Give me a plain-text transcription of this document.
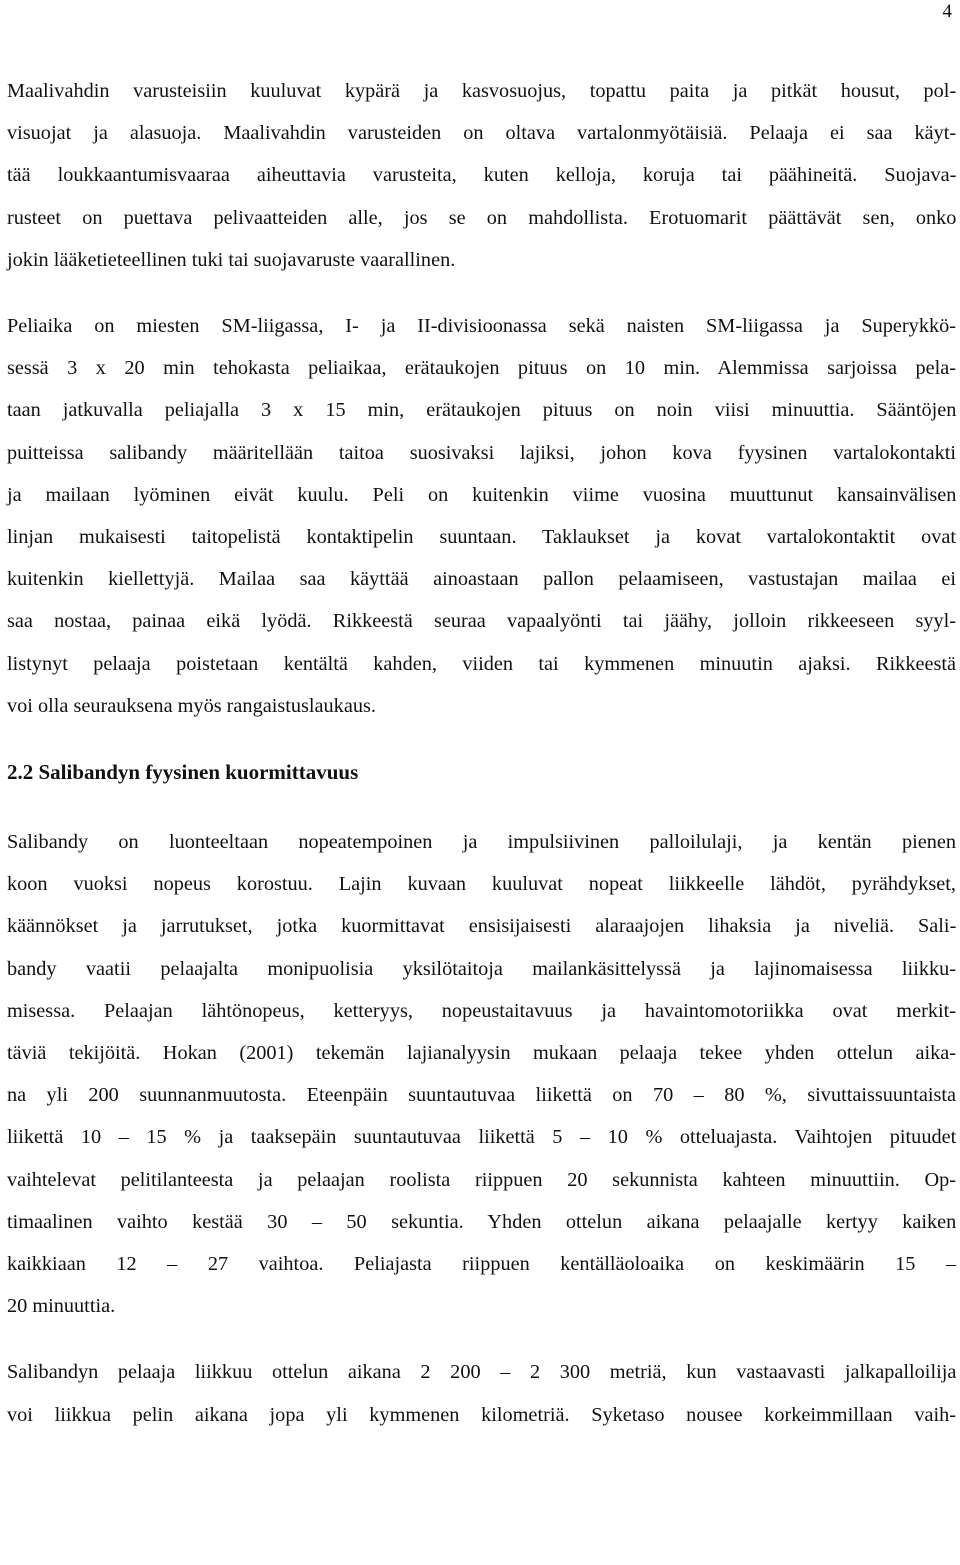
4
Maalivahdin varusteisiin kuuluvat kypärä ja kasvosuojus, topattu paita ja pitkät housut, pol-
visuojat ja alasuoja. Maalivahdin varusteiden on oltava vartalonmyötäisiä. Pelaaja ei saa käyt-
tää loukkaantumisvaaraa aiheuttavia varusteita, kuten kelloja, koruja tai päähineitä. Suojava-
rusteet on puettava pelivaatteiden alle, jos se on mahdollista. Erotuomarit päättävät sen, onko
jokin lääketieteellinen tuki tai suojavaruste vaarallinen.
Peliaika on miesten SM-liigassa, I- ja II-divisioonassa sekä naisten SM-liigassa ja Superykkö-
sessä 3 x 20 min tehokasta peliaikaa, erätaukojen pituus on 10 min. Alemmissa sarjoissa pela-
taan jatkuvalla peliajalla 3 x 15 min, erätaukojen pituus on noin viisi minuuttia. Sääntöjen
puitteissa salibandy määritellään taitoa suosivaksi lajiksi, johon kova fyysinen vartalokontakti
ja mailaan lyöminen eivät kuulu. Peli on kuitenkin viime vuosina muuttunut kansainvälisen
linjan mukaisesti taitopelistä kontaktipelin suuntaan. Taklaukset ja kovat vartalokontaktit ovat
kuitenkin kiellettyjä. Mailaa saa käyttää ainoastaan pallon pelaamiseen, vastustajan mailaa ei
saa nostaa, painaa eikä lyödä. Rikkeestä seuraa vapaalyönti tai jäähy, jolloin rikkeeseen syyl-
listynyt pelaaja poistetaan kentältä kahden, viiden tai kymmenen minuutin ajaksi. Rikkeestä
voi olla seurauksena myös rangaistuslaukaus.
2.2 Salibandyn fyysinen kuormittavuus
Salibandy on luonteeltaan nopeatempoinen ja impulsiivinen palloilulaji, ja kentän pienen
koon vuoksi nopeus korostuu. Lajin kuvaan kuuluvat nopeat liikkeelle lähdöt, pyrähdykset,
käännökset ja jarrutukset, jotka kuormittavat ensisijaisesti alaraajojen lihaksia ja niveliä. Sali-
bandy vaatii pelaajalta monipuolisia yksilötaitoja mailankäsittelyssä ja lajinomaisessa liikku-
misessa. Pelaajan lähtönopeus, ketteryys, nopeustaitavuus ja havaintomotoriikka ovat merkit-
täviä tekijöitä. Hokan (2001) tekemän lajianalyysin mukaan pelaaja tekee yhden ottelun aika-
na yli 200 suunnanmuutosta. Eteenpäin suuntautuvaa liikettä on 70 – 80 %, sivuttaissuuntaista
liikettä 10 – 15 % ja taaksepäin suuntautuvaa liikettä 5 – 10 % otteluajasta. Vaihtojen pituudet
vaihtelevat pelitilanteesta ja pelaajan roolista riippuen 20 sekunnista kahteen minuuttiin. Op-
timaalinen vaihto kestää 30 – 50 sekuntia. Yhden ottelun aikana pelaajalle kertyy kaiken
kaikkiaan 12 – 27 vaihtoa. Peliajasta riippuen kentälläoloaika on keskimäärin 15 –
20 minuuttia.
Salibandyn pelaaja liikkuu ottelun aikana 2 200 – 2 300 metriä, kun vastaavasti jalkapalloilija
voi liikkua pelin aikana jopa yli kymmenen kilometriä. Syketaso nousee korkeimmillaan vaih-
